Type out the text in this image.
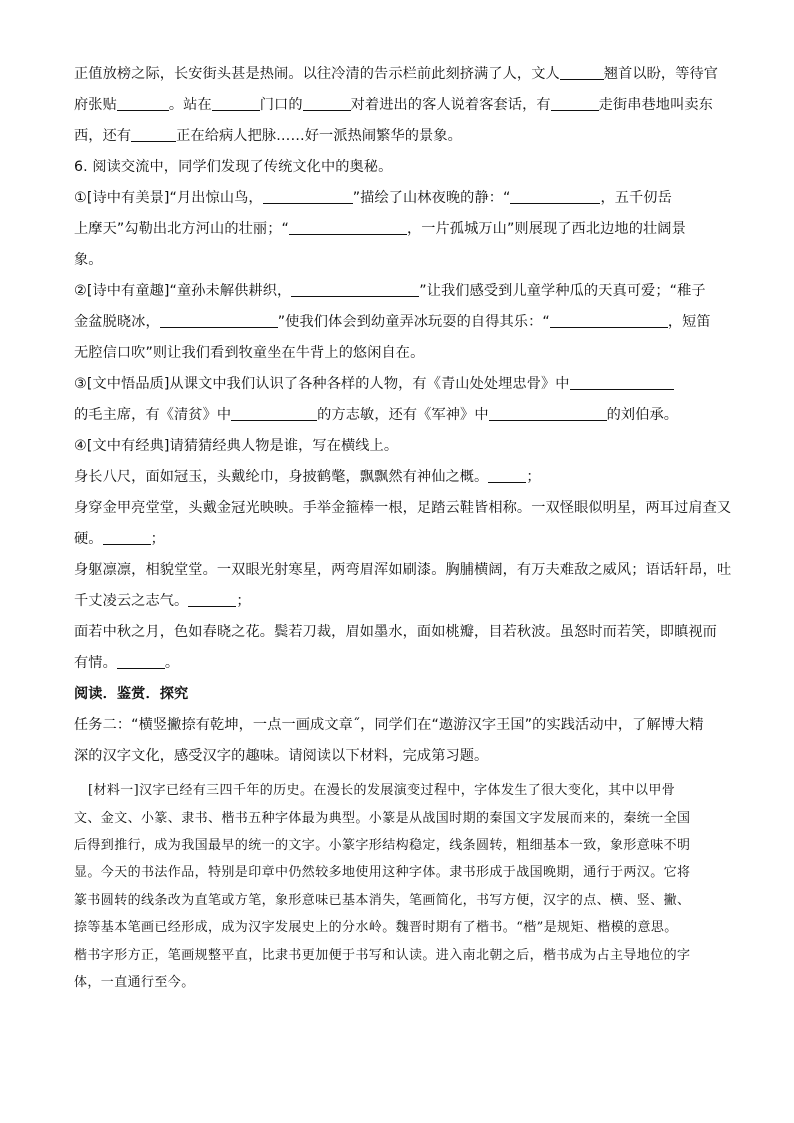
正值放榜之际，长安街头甚是热闹。以往冷清的告示栏前此刻挤满了人，文人	翘首以盼，等待官
府张贴	。站在	门口的	对着进出的客人说着客套话，有	走街串巷地叫卖东
西，还有	正在给病人把脉……好一派热闹繁华的景象。
6. 阅读交流中，同学们发现了传统文化中的奥秘。
①[诗中有美景]“月出惊山鸟，	”描绘了山林夜晚的静：“	，五千仞岳
上摩天”勾勒出北方河山的壮丽；“	，一片孤城万山”则展现了西北边地的壮阔景
象。
②[诗中有童趣]“童孙未解供耕织，	”让我们感受到儿童学种瓜的天真可爱；“稚子
金盆脱晓冰，	”使我们体会到幼童弄冰玩耍的自得其乐：“	，短笛
无腔信口吹”则让我们看到牧童坐在牛背上的悠闲自在。
③[文中悟品质]从课文中我们认识了各种各样的人物，有《青山处处埋忠骨》中
的毛主席，有《清贫》中	的方志敏，还有《军神》中	的刘伯承。
④[文中有经典]请猜猜经典人物是谁，写在横线上。
身长八尺，面如冠玉，头戴纶巾，身披鹤氅，飘飘然有神仙之概。	；
身穿金甲亮堂堂，头戴金冠光映映。手举金箍棒一根，足踏云鞋皆相称。一双怪眼似明星，两耳过肩查又
硬。	；
身躯凛凛，相貌堂堂。一双眼光射寒星，两弯眉浑如刷漆。胸脯横阔，有万夫难敌之威风；语话轩昂，吐
千丈凌云之志气。	；
面若中秋之月，色如春晓之花。鬓若刀裁，眉如墨水，面如桃瓣，目若秋波。虽怒时而若笑，即瞋视而
有情。	。
阅读．鉴赏．探究
任务二：“横竖撇捺有乾坤，一点一画成文章˝，同学们在“遨游汉字王国”的实践活动中，了解博大精
深的汉字文化，感受汉字的趣味。请阅读以下材料，完成第习题。
[材料一]汉字已经有三四千年的历史。在漫长的发展演变过程中，字体发生了很大变化，其中以甲骨
文、金文、小篆、隶书、楷书五种字体最为典型。小篆是从战国时期的秦国文字发展而来的，秦统一全国
后得到推行，成为我国最早的统一的文字。小篆字形结构稳定，线条圆转，粗细基本一致，象形意味不明
显。今天的书法作品，特别是印章中仍然较多地使用这种字体。隶书形成于战国晚期，通行于两汉。它将
篆书圆转的线条改为直笔或方笔，象形意味已基本消失，笔画简化，书写方便，汉字的点、横、竖、撇、
捺等基本笔画已经形成，成为汉字发展史上的分水岭。魏晋时期有了楷书。“楷”是规矩、楷模的意思。
楷书字形方正，笔画规整平直，比隶书更加便于书写和认读。进入南北朝之后，楷书成为占主导地位的字
体，一直通行至今。
